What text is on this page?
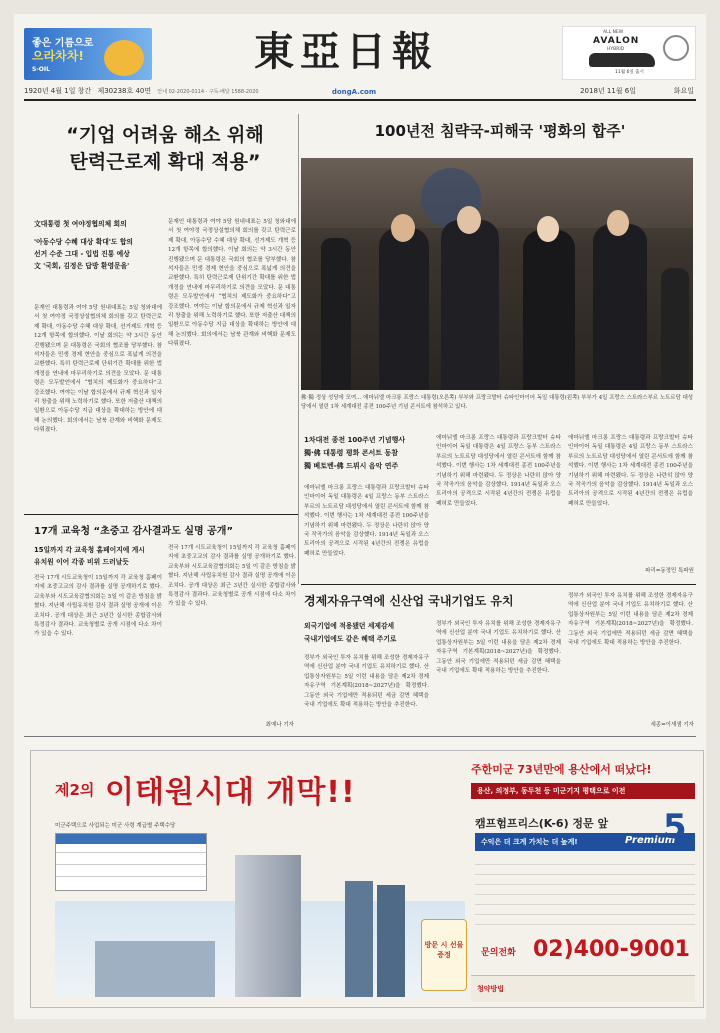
좋은 기름으로
으라차차!
S-OIL	東亞日報
dongA.com
ALL NEW
AVALON
HYBRID
11월 6일 출시
1920년 4월 1일 창간 제30238호 40면 안내 02-2020-0114 · 구독·배달 1588-2020	2018년 11월 6일	화요일
“기업 어려움 해소 위해
탄력근로제 확대 적용”
文대통령 첫 여야정협의체 회의
'아동수당 수혜 대상 확대'도 합의
선거 수준 그대 - 입법 진통 예상
文 '국회, 김정은 답방 환영문을'
문재인 대통령과 여야 5당 원내대표는 5일 청와대에서 첫 여야정 국정상설협의체 회의를 갖고 탄력근로제 확대, 아동수당 수혜 대상 확대, 선거제도 개혁 등 12개 항목에 합의했다. 이날 회의는 약 3시간 동안 진행됐으며 문 대통령은 국회의 협조를 당부했다. 참석자들은 민생 경제 현안을 중심으로 폭넓게 의견을 교환했다. 특히 탄력근로제 단위기간 확대를 위한 법 개정을 연내에 마무리하기로 의견을 모았다. 문 대통령은 모두발언에서 “협치의 제도화가 중요하다”고 강조했다. 여야는 이날 합의문에서 규제 혁신과 일자리 창출을 위해 노력하기로 했다. 또한 저출산 대책의 일환으로 아동수당 지급 대상을 확대하는 방안에 대해 논의했다. 회의에서는 남북 관계와 비핵화 문제도 다뤄졌다.
문재인 대통령과 여야 5당 원내대표는 5일 청와대에서 첫 여야정 국정상설협의체 회의를 갖고 탄력근로제 확대, 아동수당 수혜 대상 확대, 선거제도 개혁 등 12개 항목에 합의했다. 이날 회의는 약 3시간 동안 진행됐으며 문 대통령은 국회의 협조를 당부했다. 참석자들은 민생 경제 현안을 중심으로 폭넓게 의견을 교환했다. 특히 탄력근로제 단위기간 확대를 위한 법 개정을 연내에 마무리하기로 의견을 모았다. 문 대통령은 모두발언에서 “협치의 제도화가 중요하다”고 강조했다. 여야는 이날 합의문에서 규제 혁신과 일자리 창출을 위해 노력하기로 했다. 또한 저출산 대책의 일환으로 아동수당 지급 대상을 확대하는 방안에 대해 논의했다. 회의에서는 남북 관계와 비핵화 문제도 다뤄졌다.
100년전 침략국-피해국 '평화의 합주'
佛·獨 정상 성당에 모여… 에마뉘엘 마크롱 프랑스 대통령(오른쪽) 부부와 프랑크발터 슈타인마이어 독일 대통령(왼쪽) 부부가 4일 프랑스 스트라스부르 노트르담 대성당에서 열린 1차 세계대전 종전 100주년 기념 콘서트에 참석하고 있다.
1차대전 종전 100주년 기념행사
獨·佛 대통령 평화 콘서트 동참
獨 베토벤-佛 드뷔시 음악 연주
에마뉘엘 마크롱 프랑스 대통령과 프랑크발터 슈타인마이어 독일 대통령은 4일 프랑스 동부 스트라스부르의 노트르담 대성당에서 열린 콘서트에 함께 참석했다. 이번 행사는 1차 세계대전 종전 100주년을 기념하기 위해 마련됐다. 두 정상은 나란히 앉아 양국 작곡가의 음악을 감상했다. 1914년 독일과 오스트리아의 공격으로 시작된 4년간의 전쟁은 유럽을 폐허로 만들었다.
에마뉘엘 마크롱 프랑스 대통령과 프랑크발터 슈타인마이어 독일 대통령은 4일 프랑스 동부 스트라스부르의 노트르담 대성당에서 열린 콘서트에 함께 참석했다. 이번 행사는 1차 세계대전 종전 100주년을 기념하기 위해 마련됐다. 두 정상은 나란히 앉아 양국 작곡가의 음악을 감상했다. 1914년 독일과 오스트리아의 공격으로 시작된 4년간의 전쟁은 유럽을 폐허로 만들었다.
에마뉘엘 마크롱 프랑스 대통령과 프랑크발터 슈타인마이어 독일 대통령은 4일 프랑스 동부 스트라스부르의 노트르담 대성당에서 열린 콘서트에 함께 참석했다. 이번 행사는 1차 세계대전 종전 100주년을 기념하기 위해 마련됐다. 두 정상은 나란히 앉아 양국 작곡가의 음악을 감상했다. 1914년 독일과 오스트리아의 공격으로 시작된 4년간의 전쟁은 유럽을 폐허로 만들었다.
파리=동정민 특파원
17개 교육청 “초중고 감사결과도 실명 공개”
15일까지 각 교육청 홈페이지에 게시
유치원 이어 각종 비위 드러날듯
전국 17개 시도교육청이 15일까지 각 교육청 홈페이지에 초중고교의 감사 결과를 실명 공개하기로 했다. 교육부와 시도교육감협의회는 5일 이 같은 방침을 밝혔다. 지난해 사립유치원 감사 결과 실명 공개에 이은 조치다. 공개 대상은 최근 3년간 실시한 종합감사와 특정감사 결과다. 교육청별로 공개 시점에 다소 차이가 있을 수 있다.
전국 17개 시도교육청이 15일까지 각 교육청 홈페이지에 초중고교의 감사 결과를 실명 공개하기로 했다. 교육부와 시도교육감협의회는 5일 이 같은 방침을 밝혔다. 지난해 사립유치원 감사 결과 실명 공개에 이은 조치다. 공개 대상은 최근 3년간 실시한 종합감사와 특정감사 결과다. 교육청별로 공개 시점에 다소 차이가 있을 수 있다.
최예나 기자
경제자유구역에 신산업 국내기업도 유치
외국기업에 적용됐던 세제감세
국내기업에도 같은 혜택 주기로
정부가 외국인 투자 유치를 위해 조성한 경제자유구역에 신산업 분야 국내 기업도 유치하기로 했다. 산업통상자원부는 5일 이런 내용을 담은 제2차 경제자유구역 기본계획(2018~2027년)을 확정했다. 그동안 외국 기업에만 적용되던 세금 감면 혜택을 국내 기업에도 확대 적용하는 방안을 추진한다.
정부가 외국인 투자 유치를 위해 조성한 경제자유구역에 신산업 분야 국내 기업도 유치하기로 했다. 산업통상자원부는 5일 이런 내용을 담은 제2차 경제자유구역 기본계획(2018~2027년)을 확정했다. 그동안 외국 기업에만 적용되던 세금 감면 혜택을 국내 기업에도 확대 적용하는 방안을 추진한다.
정부가 외국인 투자 유치를 위해 조성한 경제자유구역에 신산업 분야 국내 기업도 유치하기로 했다. 산업통상자원부는 5일 이런 내용을 담은 제2차 경제자유구역 기본계획(2018~2027년)을 확정했다. 그동안 외국 기업에만 적용되던 세금 감면 혜택을 국내 기업에도 확대 적용하는 방안을 추진한다.
세종=이새샘 기자
제2의 이태원시대 개막!!
미군주택으로 사업되는 미군 사령 계급별 주택수당
방문 시 선물 증정
주한미군 73년만에 용산에서 떠났다!
용산, 의정부, 동두천 등 미군기지 평택으로 이전
캠프험프리스(K-6) 정문 앞
수익은 더 크게 가치는 더 높게!	Premium
5
문의전화 02)400-9001
청약방법
